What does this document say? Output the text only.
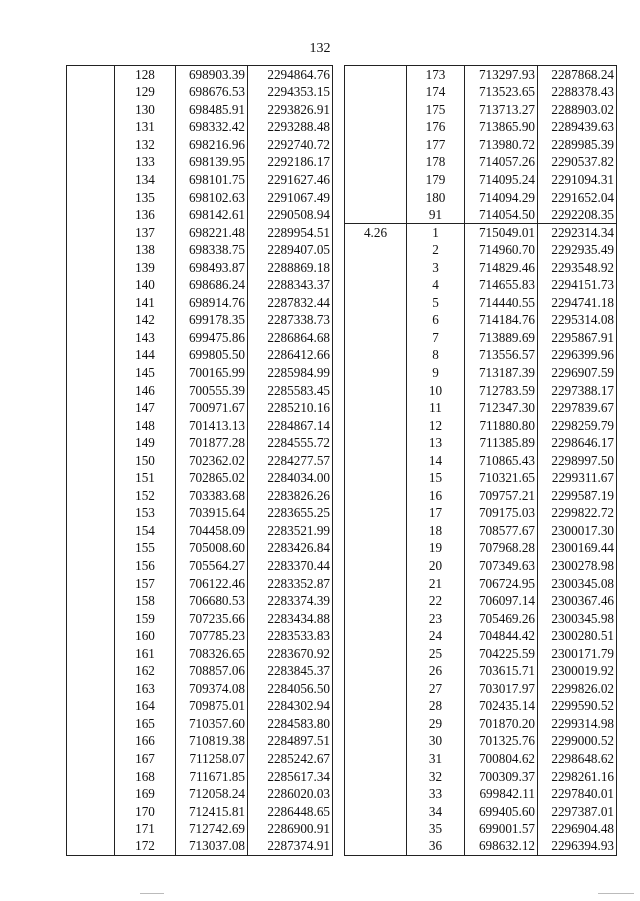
132
	128	698903.39	2294864.76
	129	698676.53	2294353.15
	130	698485.91	2293826.91
	131	698332.42	2293288.48
	132	698216.96	2292740.72
	133	698139.95	2292186.17
	134	698101.75	2291627.46
	135	698102.63	2291067.49
	136	698142.61	2290508.94
	137	698221.48	2289954.51
	138	698338.75	2289407.05
	139	698493.87	2288869.18
	140	698686.24	2288343.37
	141	698914.76	2287832.44
	142	699178.35	2287338.73
	143	699475.86	2286864.68
	144	699805.50	2286412.66
	145	700165.99	2285984.99
	146	700555.39	2285583.45
	147	700971.67	2285210.16
	148	701413.13	2284867.14
	149	701877.28	2284555.72
	150	702362.02	2284277.57
	151	702865.02	2284034.00
	152	703383.68	2283826.26
	153	703915.64	2283655.25
	154	704458.09	2283521.99
	155	705008.60	2283426.84
	156	705564.27	2283370.44
	157	706122.46	2283352.87
	158	706680.53	2283374.39
	159	707235.66	2283434.88
	160	707785.23	2283533.83
	161	708326.65	2283670.92
	162	708857.06	2283845.37
	163	709374.08	2284056.50
	164	709875.01	2284302.94
	165	710357.60	2284583.80
	166	710819.38	2284897.51
	167	711258.07	2285242.67
	168	711671.85	2285617.34
	169	712058.24	2286020.03
	170	712415.81	2286448.65
	171	712742.69	2286900.91
	172	713037.08	2287374.91
	173	713297.93	2287868.24
	174	713523.65	2288378.43
	175	713713.27	2288903.02
	176	713865.90	2289439.63
	177	713980.72	2289985.39
	178	714057.26	2290537.82
	179	714095.24	2291094.31
	180	714094.29	2291652.04
	91	714054.50	2292208.35
4.26	1	715049.01	2292314.34
	2	714960.70	2292935.49
	3	714829.46	2293548.92
	4	714655.83	2294151.73
	5	714440.55	2294741.18
	6	714184.76	2295314.08
	7	713889.69	2295867.91
	8	713556.57	2296399.96
	9	713187.39	2296907.59
	10	712783.59	2297388.17
	11	712347.30	2297839.67
	12	711880.80	2298259.79
	13	711385.89	2298646.17
	14	710865.43	2298997.50
	15	710321.65	2299311.67
	16	709757.21	2299587.19
	17	709175.03	2299822.72
	18	708577.67	2300017.30
	19	707968.28	2300169.44
	20	707349.63	2300278.98
	21	706724.95	2300345.08
	22	706097.14	2300367.46
	23	705469.26	2300345.98
	24	704844.42	2300280.51
	25	704225.59	2300171.79
	26	703615.71	2300019.92
	27	703017.97	2299826.02
	28	702435.14	2299590.52
	29	701870.20	2299314.98
	30	701325.76	2299000.52
	31	700804.62	2298648.62
	32	700309.37	2298261.16
	33	699842.11	2297840.01
	34	699405.60	2297387.01
	35	699001.57	2296904.48
	36	698632.12	2296394.93
